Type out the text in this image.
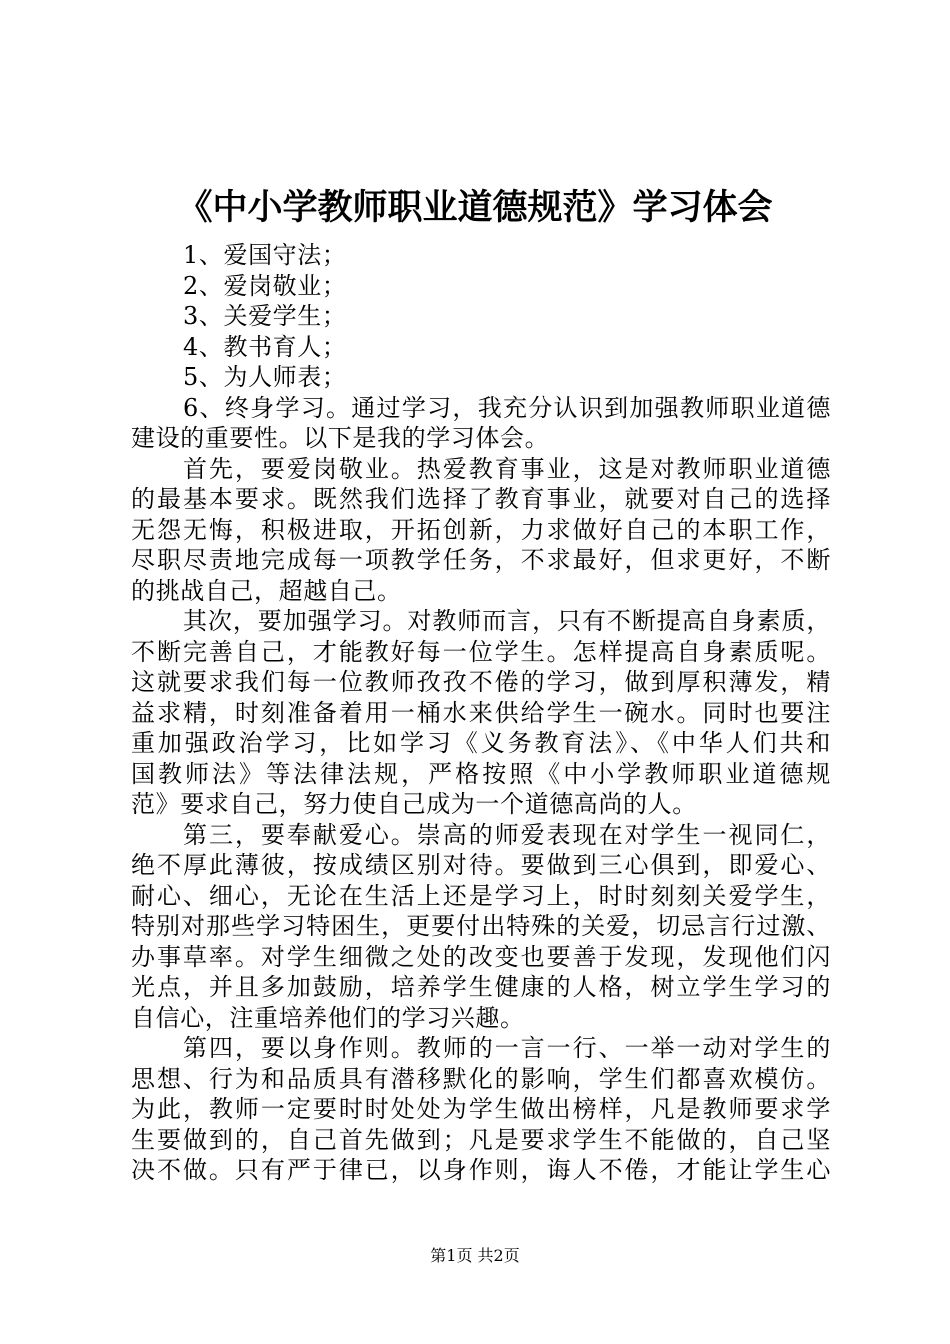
《中小学教师职业道德规范》学习体会
1、爱国守法；
2、爱岗敬业；
3、关爱学生；
4、教书育人；
5、为人师表；
6、终身学习。通过学习，我充分认识到加强教师职业道德
建设的重要性。以下是我的学习体会。
首先，要爱岗敬业。热爱教育事业，这是对教师职业道德
的最基本要求。既然我们选择了教育事业，就要对自己的选择
无怨无悔，积极进取，开拓创新，力求做好自己的本职工作，
尽职尽责地完成每一项教学任务，不求最好，但求更好，不断
的挑战自己，超越自己。
其次，要加强学习。对教师而言，只有不断提高自身素质，
不断完善自己，才能教好每一位学生。怎样提高自身素质呢。
这就要求我们每一位教师孜孜不倦的学习，做到厚积薄发，精
益求精，时刻准备着用一桶水来供给学生一碗水。同时也要注
重加强政治学习，比如学习《义务教育法》、《中华人们共和
国教师法》等法律法规，严格按照《中小学教师职业道德规
范》要求自己，努力使自己成为一个道德高尚的人。
第三，要奉献爱心。崇高的师爱表现在对学生一视同仁，
绝不厚此薄彼，按成绩区别对待。要做到三心俱到，即爱心、
耐心、细心，无论在生活上还是学习上，时时刻刻关爱学生，
特别对那些学习特困生，更要付出特殊的关爱，切忌言行过激、
办事草率。对学生细微之处的改变也要善于发现，发现他们闪
光点，并且多加鼓励，培养学生健康的人格，树立学生学习的
自信心，注重培养他们的学习兴趣。
第四，要以身作则。教师的一言一行、一举一动对学生的
思想、行为和品质具有潜移默化的影响，学生们都喜欢模仿。
为此，教师一定要时时处处为学生做出榜样，凡是教师要求学
生要做到的，自己首先做到；凡是要求学生不能做的，自己坚
决不做。只有严于律已，以身作则，诲人不倦，才能让学生心
第1页 共2页
